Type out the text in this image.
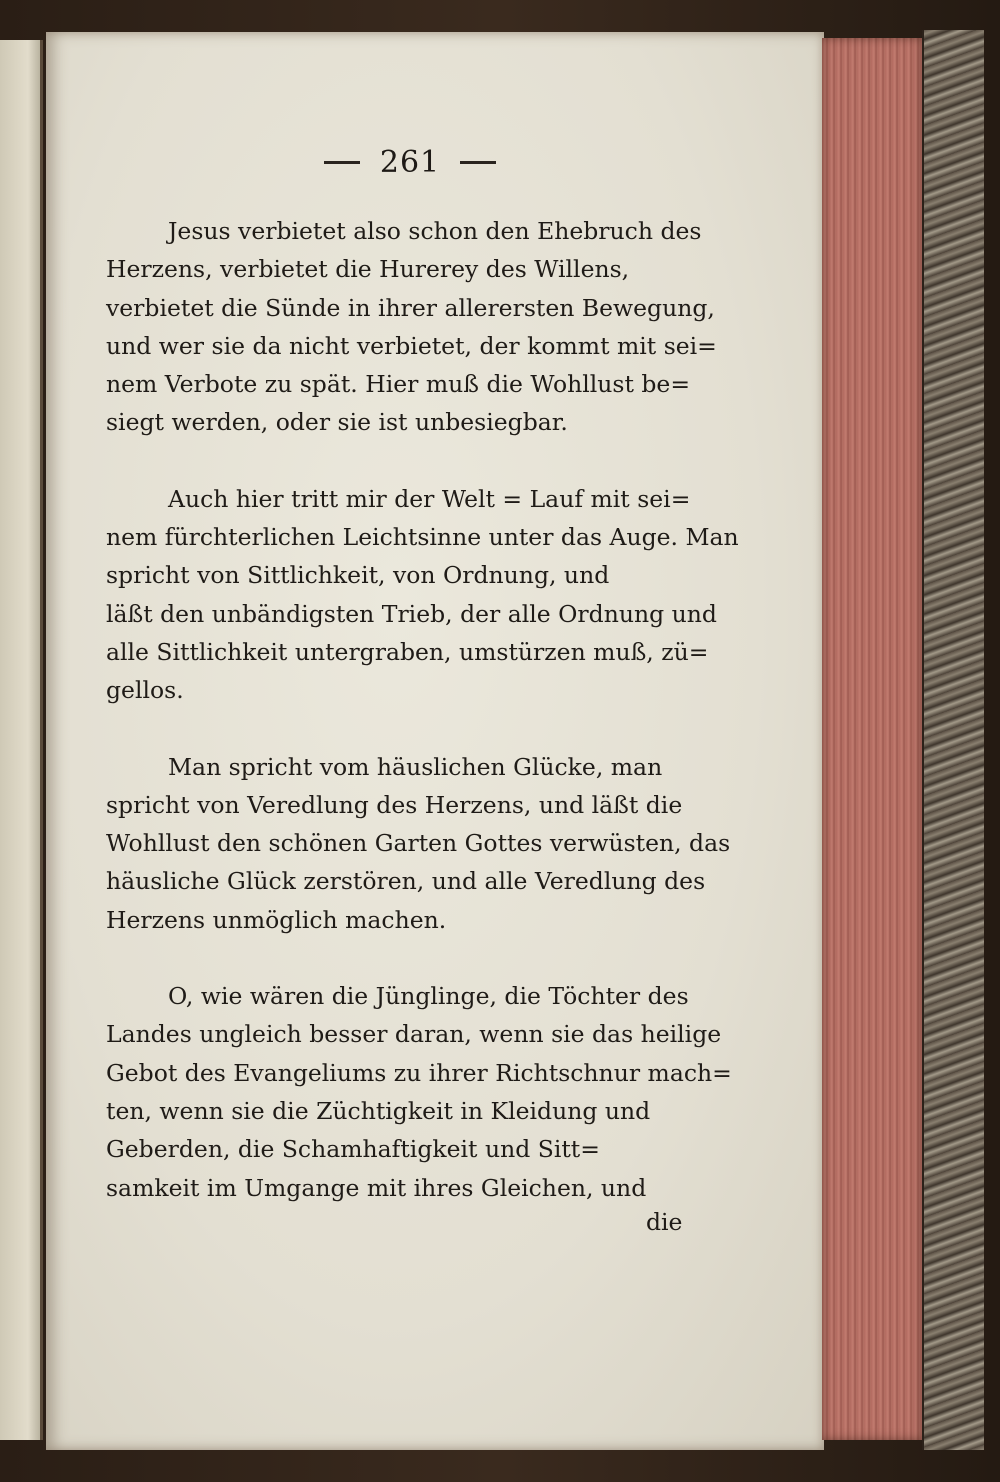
261

Jesus verbietet also schon den Ehebruch des
Herzens, verbietet die Hurerey des Willens,
verbietet die Sünde in ihrer allerersten Bewegung,
und wer sie da nicht verbietet, der kommt mit sei=
nem Verbote zu spät. Hier muß die Wohllust be=
siegt werden, oder sie ist unbesiegbar.

Auch hier tritt mir der Welt = Lauf mit sei=
nem fürchterlichen Leichtsinne unter das Auge. Man
spricht von Sittlichkeit, von Ordnung, und
läßt den unbändigsten Trieb, der alle Ordnung und
alle Sittlichkeit untergraben, umstürzen muß, zü=
gellos.

Man spricht vom häuslichen Glücke, man
spricht von Veredlung des Herzens, und läßt die
Wohllust den schönen Garten Gottes verwüsten, das
häusliche Glück zerstören, und alle Veredlung des
Herzens unmöglich machen.

O, wie wären die Jünglinge, die Töchter des
Landes ungleich besser daran, wenn sie das heilige
Gebot des Evangeliums zu ihrer Richtschnur mach=
ten, wenn sie die Züchtigkeit in Kleidung und
Geberden, die Schamhaftigkeit und Sitt=
samkeit im Umgange mit ihres Gleichen, und

die
